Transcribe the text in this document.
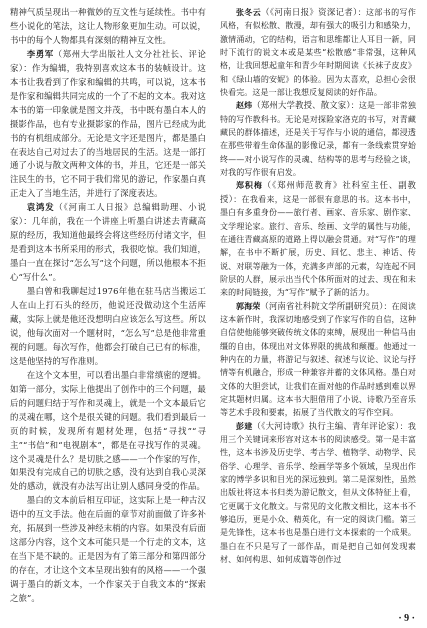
精神气质呈现出一种微妙的互文性与延续性。书中有些小说化的笔法，这让人物形象更加生动。可以说，书中的每个人物都具有深刻的精神互文性。

李勇军（郑州大学出版社人文分社社长、评论家）：作为编辑，我特别喜欢这本书的装帧设计。这本书让我看到了作家和编辑的共鸣，可以说，这本书是作家和编辑共同完成的一个了不起的文本。我对这本书的第一印象就是图文并茂，书中既有墨白本人的摄影作品，也有专业摄影家的作品，图片已经成为此书的有机组成部分。无论是文字还是图片，都是墨白在表达自己对过去了的当地居民的生活。这是一部打通了小说与散文两种文体的书，并且，它还是一部关注民生的书，它不同于我们常见的游记，作家墨白真正走入了当地生活，并进行了深度表达。

袁鸿发（《河南工人日报》总编辑助理、小说家）：几年前，我在一个讲座上听墨白讲述去青藏高原的经历，我知道他最终会将这些经历付诸文字，但是看到这本书所采用的形式，我很吃惊。我们知道，墨白一直在探讨“怎么写”这个问题，所以他根本不拒心“写什么”。

墨白曾和我聊起过1976年他在驻马店当搬运工人在山上打石头的经历，他说还没做动这个生活库藏，实际上就是他还没想明白应该怎么写这些。所以说，他每次面对一个题材时，“怎么写”总是他非常重视的问题。每次写作，他都会打破自己已有的标准，这是他坚持的写作准则。

在这个文本里，可以看出墨白非常缜密的逻辑。如第一部分，实际上他提出了创作中的三个问题，最后的问题归结于写作和灵魂上，就是一个文本最后它的灵魂在哪，这个是很关键的问题。我们看到最后一页的时候，发现所有题材处理，包括“寻找”“寻主”“书信”和“电视剧本”，都是在寻找写作的灵魂。这个灵魂是什么？是切肤之感——一个作家的写作，如果没有完成自己的切肤之感，没有达到自我心灵深处的感动，就没有办法写出让别人感同身受的作品。

墨白的文本前后相互印证，这实际上是一种古汉语中的互文手法。他在后面的章节对前面做了许多补充，拓展到一些涉及神经末梢的内容。如果没有后面这部分内容，这个文本可能只是一个行走的文本，这在当下是不缺的。正是因为有了第三部分和第四部分的存在，才让这个文本呈现出独有的风格——一个强调于墨白的新文本，一个作家关于自我文本的“探索之旅”。

张冬云（《河南日报》资深记者）：这部书的写作风格，有似松散、散漫，却有强大的吸引力和感染力，激情涌动，它的结构，语言和思维都让人耳目一新，同时下流行的说文本或是某些“松散感”非常强，这种风格，让我回想起童年和青少年时期阅读《长袜子皮皮》和《绿山墙的安妮》的体验。因为太喜欢，总担心会很快看完。这是一部让我想反复阅读的好作品。

赵炜（郑州大学教授、散文家）：这是一部非常独特的写作教科书。无论是对探险家洛克的书写，对青藏藏民的群体描述，还是关于写作与小说的通信，都浸透在那些带着生命体温的影像记录，都有一条线索贯穿始终——对小说写作的灵魂、结构等的思考与经验之谈，对我的写作很有启发。

郑积梅（《郑州师范教育》社科室主任、副教授）：在我看来，这是一部很有意思的书。这本书中，墨白有多重身份——旅行者、画家、音乐家、剧作家、文学理论家。旅行、音乐、绘画、文学的属性与功能，在通往青藏高原的道路上得以融会贯通。对“写作”的理解，在书中不断扩展，历史、回忆、悲主、神话、传说、对联等融为一体，充满多声部的元素，勾连起不同阶层的人群，展示出当代个体所面对的过去、现在和未来的时间链接，为“写作”赋予了新的活力。

郭海荣（河南省社科院文学所副研究员）：在阅读这本新作时，我深切地感受到了作家写作的自信，这种自信使他能够突破传统文体的束缚，展现出一种信马由缰的自由，体现出对文体界限的挑战和颠覆。他通过一种内在的力量，将游记与叙述、叙述与议论、议论与抒情等有机融合，形成一种兼容并蓄的文体风格。墨白对文体的大胆尝试，让我们在面对他的作品时感到难以界定其题材归属。这本书大胆借用了小说、诗歌乃至音乐等艺术手段和要素，拓展了当代散文的写作空间。

彭建（《大河诗歌》执行主编、青年评论家）：我用三个关键词来形容对这本书的阅读感受。第一是丰富性，这本书涉及历史学、考古学、植物学、动物学、民俗学、心理学、音乐学、绘画学等多个领域，呈现出作家的博学多识和目光的深远独到。第二是深刻性，虽然出版社将这本书归类为游记散文，但从文体特征上看，它更属于文化散文。与常见的文化散文相比，这本书不够追历，更是小众、精英化，有一定的阅读门槛。第三是先锋性，这本书也是墨白进行文本探索的一个成果。墨白在不只是写了一部作品，而是把自己如何发现素材、如何构思、如何成篇等创作过

· 9 ·
